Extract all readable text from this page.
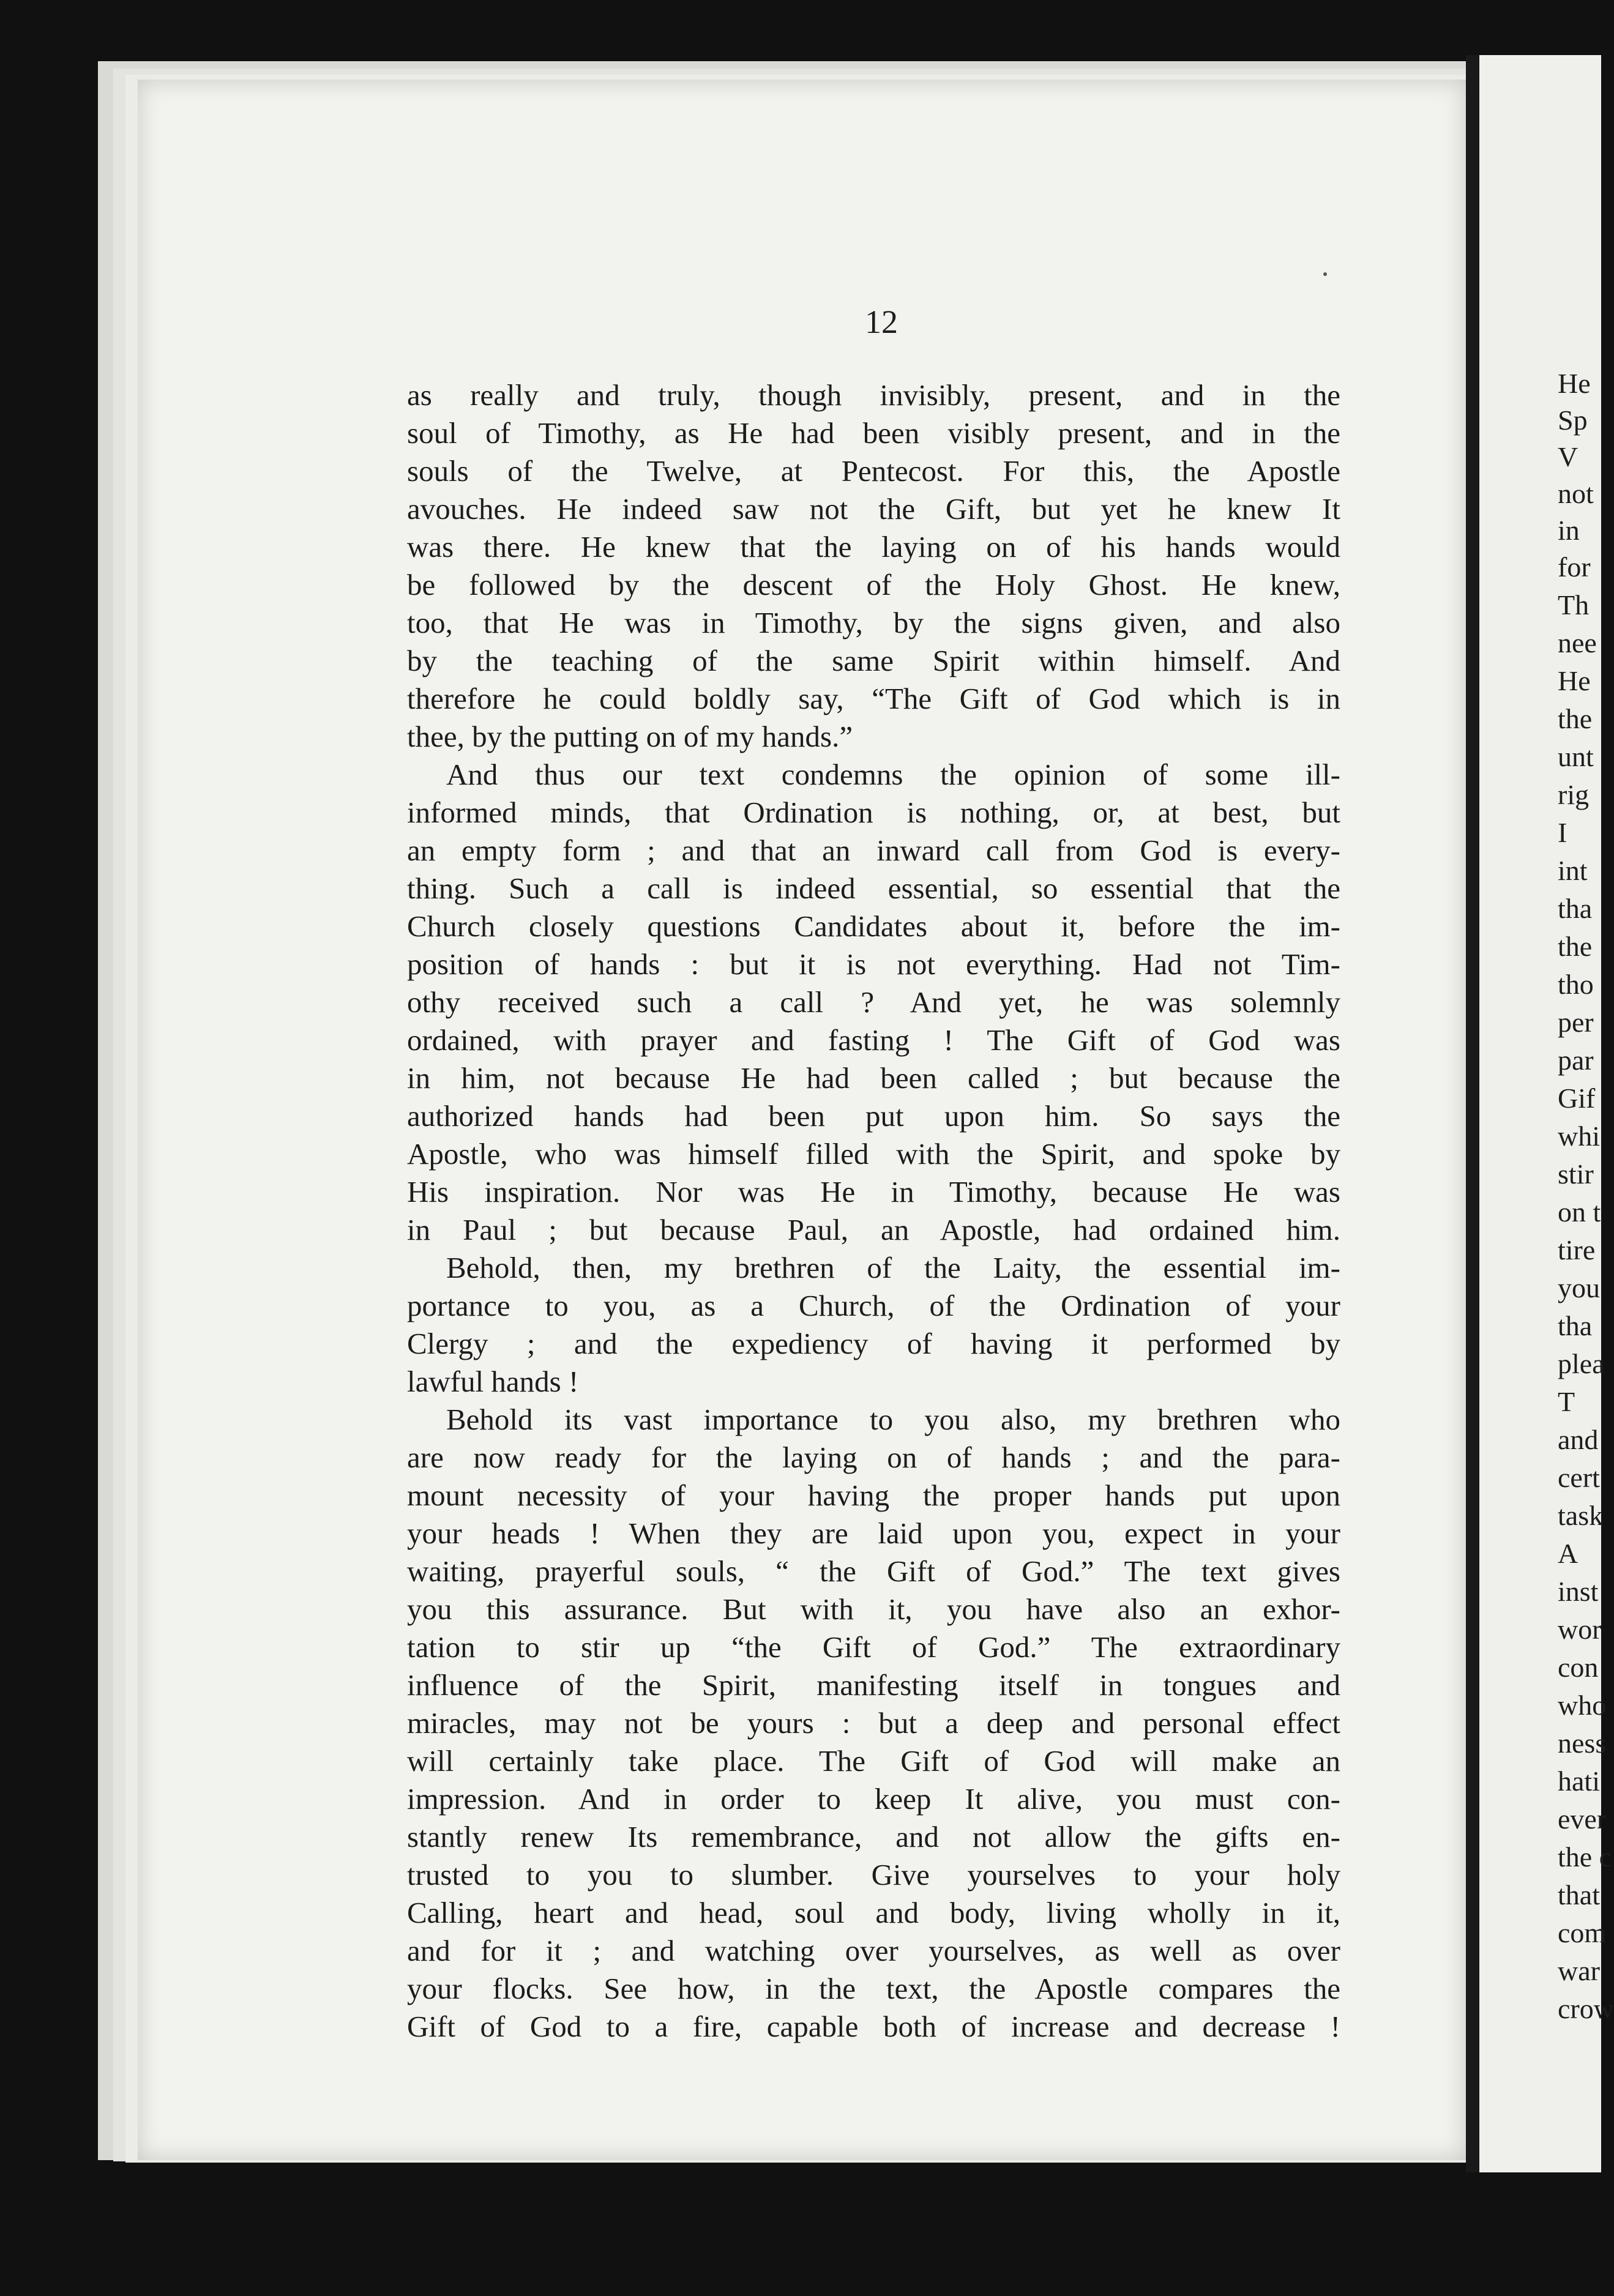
12
as really and truly, though invisibly, present, and in the
soul of Timothy, as He had been visibly present, and in the
souls of the Twelve, at Pentecost. For this, the Apostle
avouches. He indeed saw not the Gift, but yet he knew It
was there. He knew that the laying on of his hands would
be followed by the descent of the Holy Ghost. He knew,
too, that He was in Timothy, by the signs given, and also
by the teaching of the same Spirit within himself. And
therefore he could boldly say, “The Gift of God which is in
thee, by the putting on of my hands.”
And thus our text condemns the opinion of some ill-
informed minds, that Ordination is nothing, or, at best, but
an empty form ; and that an inward call from God is every-
thing. Such a call is indeed essential, so essential that the
Church closely questions Candidates about it, before the im-
position of hands : but it is not everything. Had not Tim-
othy received such a call ? And yet, he was solemnly
ordained, with prayer and fasting ! The Gift of God was
in him, not because He had been called ; but because the
authorized hands had been put upon him. So says the
Apostle, who was himself filled with the Spirit, and spoke by
His inspiration. Nor was He in Timothy, because He was
in Paul ; but because Paul, an Apostle, had ordained him.
Behold, then, my brethren of the Laity, the essential im-
portance to you, as a Church, of the Ordination of your
Clergy ; and the expediency of having it performed by
lawful hands !
Behold its vast importance to you also, my brethren who
are now ready for the laying on of hands ; and the para-
mount necessity of your having the proper hands put upon
your heads ! When they are laid upon you, expect in your
waiting, prayerful souls, “ the Gift of God.” The text gives
you this assurance. But with it, you have also an exhor-
tation to stir up “the Gift of God.” The extraordinary
influence of the Spirit, manifesting itself in tongues and
miracles, may not be yours : but a deep and personal effect
will certainly take place. The Gift of God will make an
impression. And in order to keep It alive, you must con-
stantly renew Its remembrance, and not allow the gifts en-
trusted to you to slumber. Give yourselves to your holy
Calling, heart and head, soul and body, living wholly in it,
and for it ; and watching over yourselves, as well as over
your flocks. See how, in the text, the Apostle compares the
Gift of God to a fire, capable both of increase and decrease !
He
Sp
V
not
in
for
Th
nee
He
the
unt
rig
I
int
tha
the
tho
per
par
Gif
whi
stir
on t
tire
you
tha
plea
T
and
cert
task
A
inst
wor
con
who
ness
hati
ever
the c
that
com
war
crow
